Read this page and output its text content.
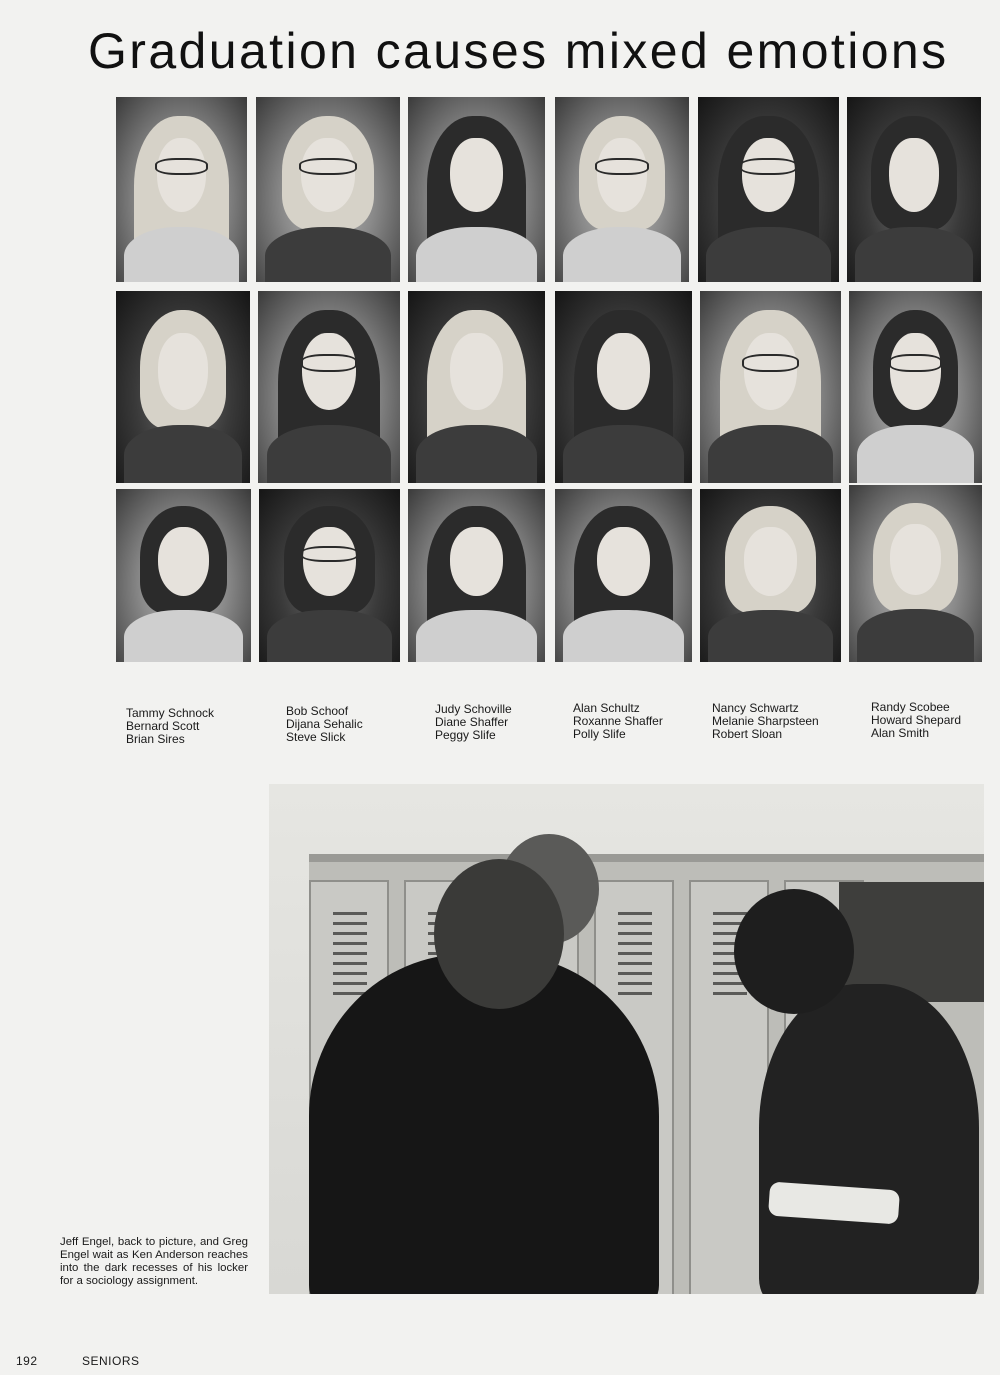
Graduation causes mixed emotions

Tammy Schnock
Bernard Scott
Brian Sires

Bob Schoof
Dijana Sehalic
Steve Slick

Judy Schoville
Diane Shaffer
Peggy Slife

Alan Schultz
Roxanne Shaffer
Polly Slife

Nancy Schwartz
Melanie Sharpsteen
Robert Sloan

Randy Scobee
Howard Shepard
Alan Smith

Jeff Engel, back to picture, and Greg Engel wait as Ken Anderson reaches into the dark recesses of his locker for a sociology assignment.

192	SENIORS
